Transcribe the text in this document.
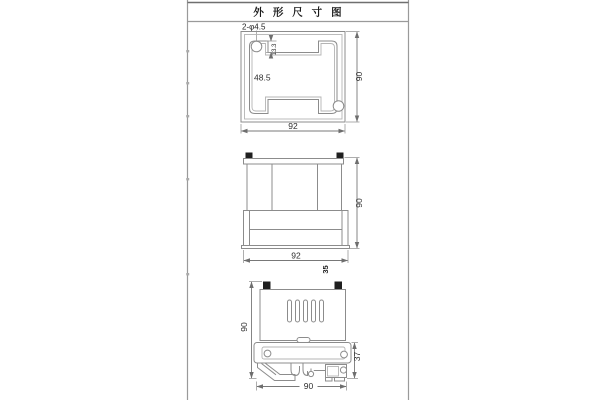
外 形 尺 寸 图
2-φ4.5
48.5
13.3
92
90
92
35
90
90
37
90
